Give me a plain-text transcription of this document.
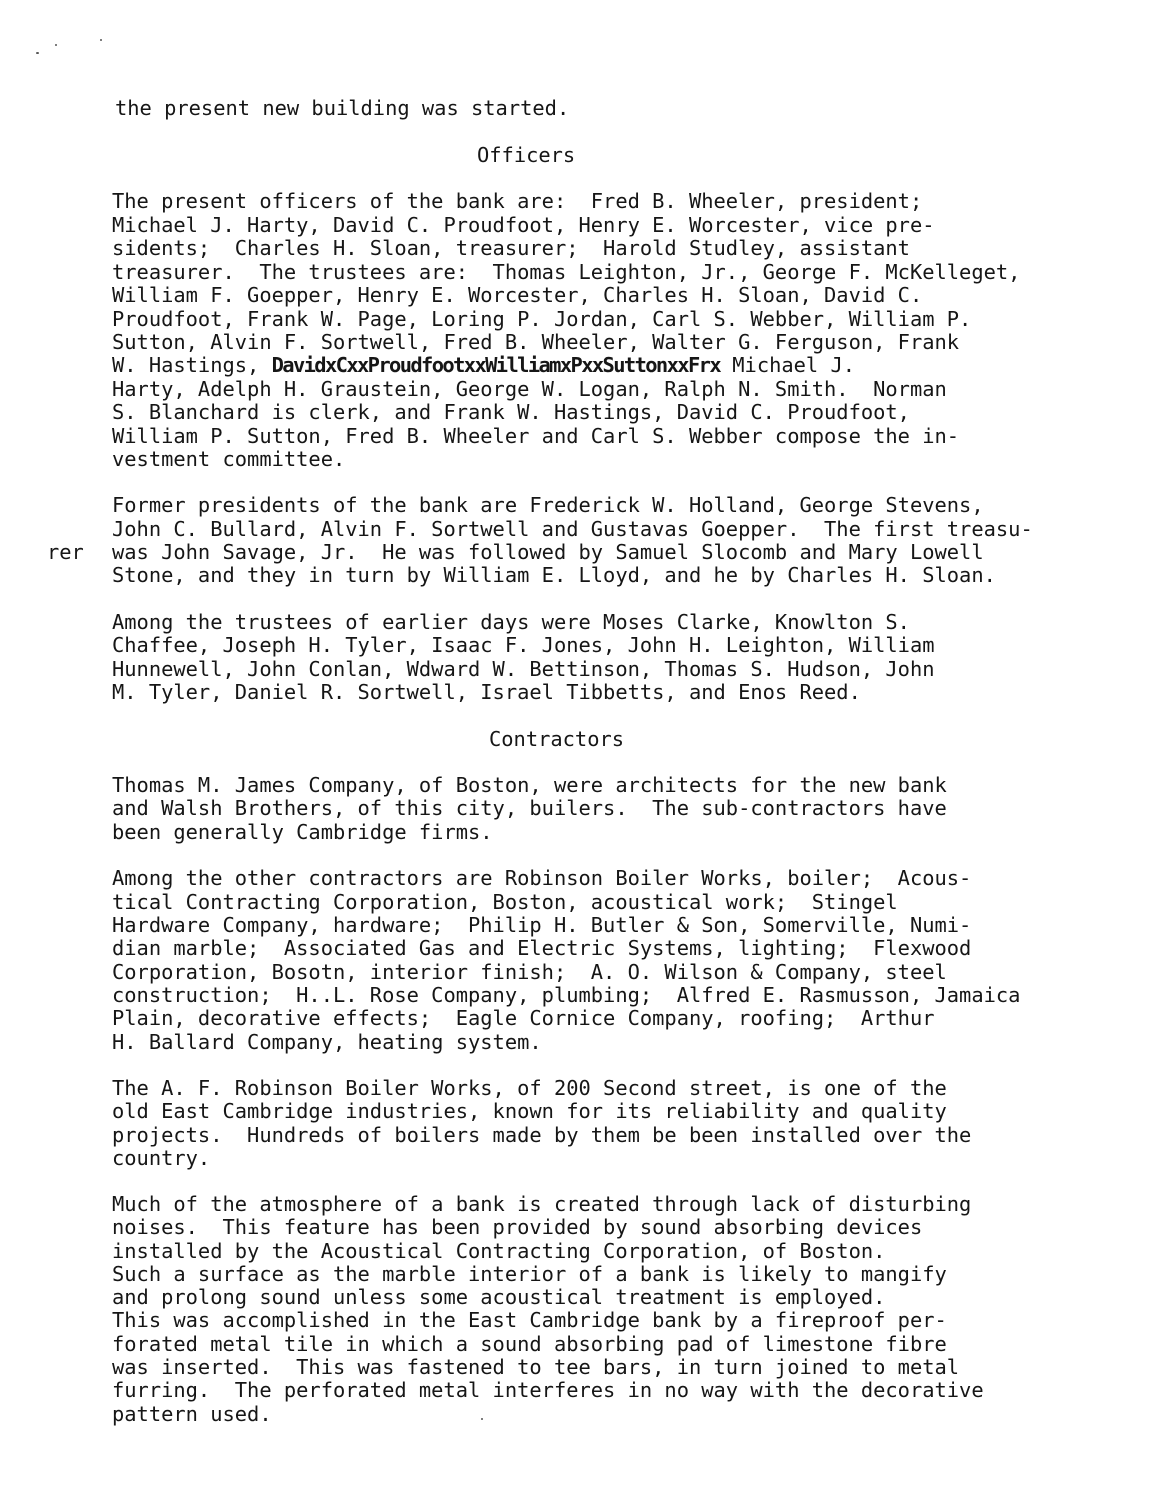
the present new building was started.
Officers
The present officers of the bank are:  Fred B. Wheeler, president;
Michael J. Harty, David C. Proudfoot, Henry E. Worcester, vice pre-
sidents;  Charles H. Sloan, treasurer;  Harold Studley, assistant
treasurer.  The trustees are:  Thomas Leighton, Jr., George F. McKelleget,
William F. Goepper, Henry E. Worcester, Charles H. Sloan, David C.
Proudfoot, Frank W. Page, Loring P. Jordan, Carl S. Webber, William P.
Sutton, Alvin F. Sortwell, Fred B. Wheeler, Walter G. Ferguson, Frank
W. Hastings, DavidxCxxProudfootxxWilliamxPxxSuttonxxFrx Michael J.
Harty, Adelph H. Graustein, George W. Logan, Ralph N. Smith.  Norman
S. Blanchard is clerk, and Frank W. Hastings, David C. Proudfoot,
William P. Sutton, Fred B. Wheeler and Carl S. Webber compose the in-
vestment committee.
Former presidents of the bank are Frederick W. Holland, George Stevens,
John C. Bullard, Alvin F. Sortwell and Gustavas Goepper.  The first treasu-
was John Savage, Jr.  He was followed by Samuel Slocomb and Mary Lowell
Stone, and they in turn by William E. Lloyd, and he by Charles H. Sloan.
rer
Among the trustees of earlier days were Moses Clarke, Knowlton S.
Chaffee, Joseph H. Tyler, Isaac F. Jones, John H. Leighton, William
Hunnewell, John Conlan, Wdward W. Bettinson, Thomas S. Hudson, John
M. Tyler, Daniel R. Sortwell, Israel Tibbetts, and Enos Reed.
Contractors
Thomas M. James Company, of Boston, were architects for the new bank
and Walsh Brothers, of this city, builers.  The sub-contractors have
been generally Cambridge firms.
Among the other contractors are Robinson Boiler Works, boiler;  Acous-
tical Contracting Corporation, Boston, acoustical work;  Stingel
Hardware Company, hardware;  Philip H. Butler & Son, Somerville, Numi-
dian marble;  Associated Gas and Electric Systems, lighting;  Flexwood
Corporation, Bosotn, interior finish;  A. O. Wilson & Company, steel
construction;  H..L. Rose Company, plumbing;  Alfred E. Rasmusson, Jamaica
Plain, decorative effects;  Eagle Cornice Company, roofing;  Arthur
H. Ballard Company, heating system.
The A. F. Robinson Boiler Works, of 200 Second street, is one of the
old East Cambridge industries, known for its reliability and quality
projects.  Hundreds of boilers made by them be been installed over the
country.
Much of the atmosphere of a bank is created through lack of disturbing
noises.  This feature has been provided by sound absorbing devices
installed by the Acoustical Contracting Corporation, of Boston.
Such a surface as the marble interior of a bank is likely to mangify
and prolong sound unless some acoustical treatment is employed.
This was accomplished in the East Cambridge bank by a fireproof per-
forated metal tile in which a sound absorbing pad of limestone fibre
was inserted.  This was fastened to tee bars, in turn joined to metal
furring.  The perforated metal interferes in no way with the decorative
pattern used.
